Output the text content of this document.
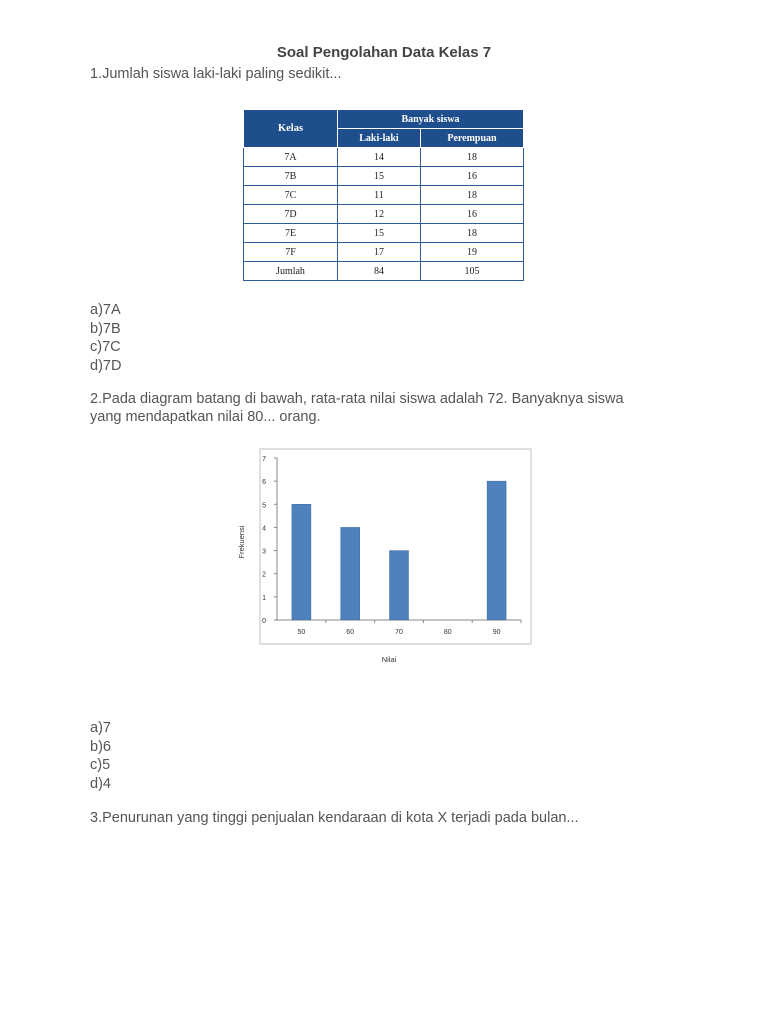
Soal Pengolahan Data Kelas 7
1.Jumlah siswa laki-laki paling sedikit...
Kelas	Banyak siswa	
	Laki-laki	Perempuan
7A	14	18
7B	15	16
7C	11	18
7D	12	16
7E	15	18
7F	17	19
Jumlah	84	105
a)7A
b)7B
c)7C
d)7D
2.Pada diagram batang di bawah, rata-rata nilai siswa adalah 72. Banyaknya siswa
yang mendapatkan nilai 80... orang.
0
1
2
3
4
5
6
7
50	60	70	80	90
Nilai
Frekuensi
a)7
b)6
c)5
d)4
3.Penurunan yang tinggi penjualan kendaraan di kota X terjadi pada bulan...
